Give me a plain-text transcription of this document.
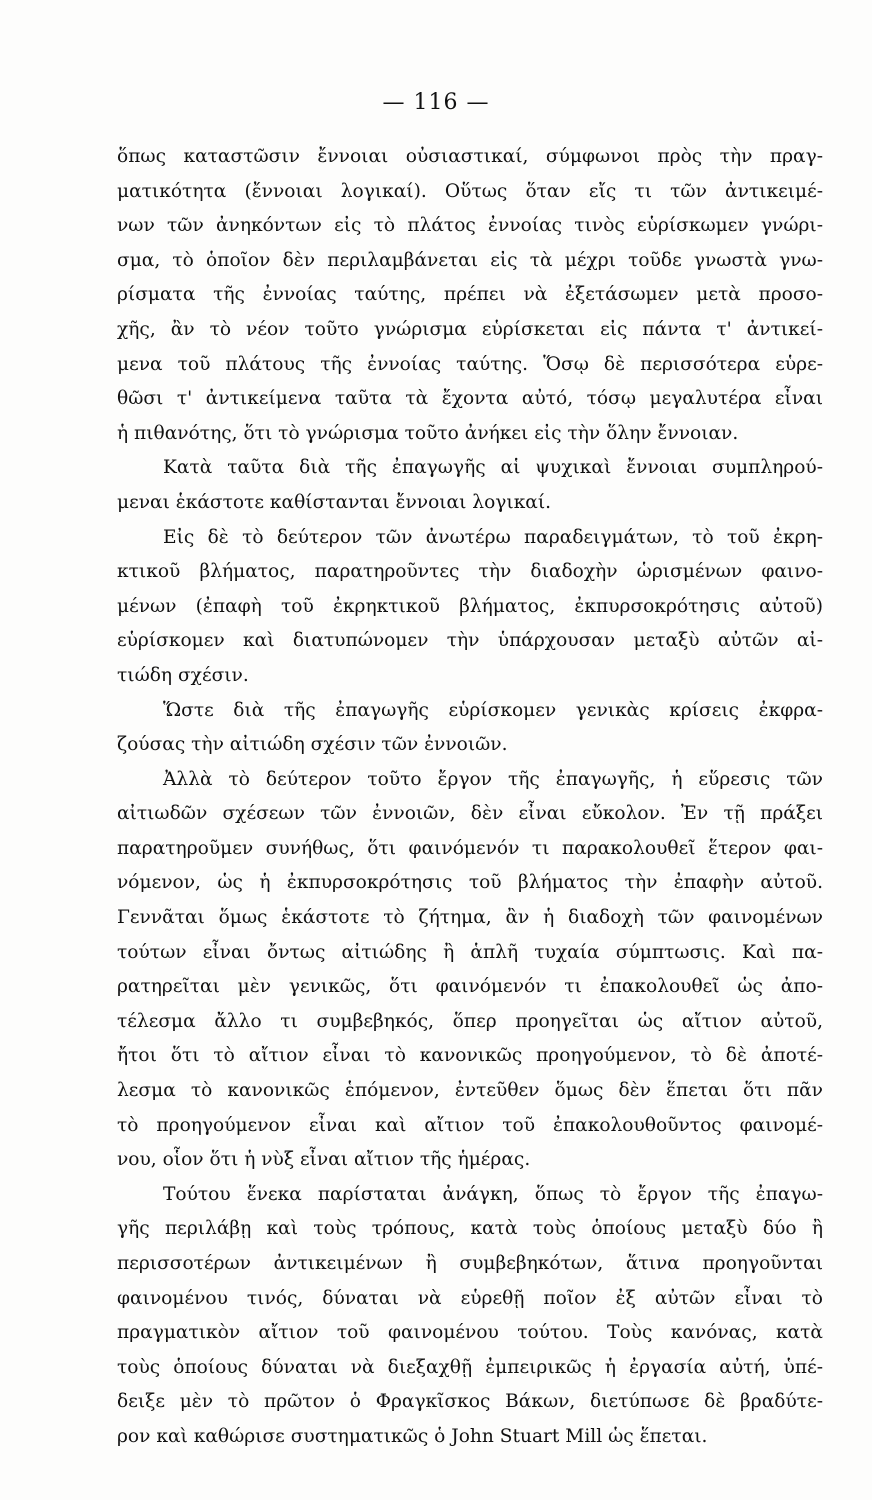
— 116 —
ὅπως καταστῶσιν ἔννοιαι οὐσιαστικαί, σύμφωνοι πρὸς τὴν πραγ-
ματικότητα (ἔννοιαι λογικαί). Οὕτως ὅταν εἴς τι τῶν ἀντικειμέ-
νων τῶν ἀνηκόντων εἰς τὸ πλάτος ἐννοίας τινὸς εὑρίσκωμεν γνώρι-
σμα, τὸ ὁποῖον δὲν περιλαμβάνεται εἰς τὰ μέχρι τοῦδε γνωστὰ γνω-
ρίσματα τῆς ἐννοίας ταύτης, πρέπει νὰ ἐξετάσωμεν μετὰ προσο-
χῆς, ἂν τὸ νέον τοῦτο γνώρισμα εὑρίσκεται εἰς πάντα τ' ἀντικεί-
μενα τοῦ πλάτους τῆς ἐννοίας ταύτης. Ὅσῳ δὲ περισσότερα εὑρε-
θῶσι τ' ἀντικείμενα ταῦτα τὰ ἔχοντα αὐτό, τόσῳ μεγαλυτέρα εἶναι
ἡ πιθανότης, ὅτι τὸ γνώρισμα τοῦτο ἀνήκει εἰς τὴν ὅλην ἔννοιαν.
Κατὰ ταῦτα διὰ τῆς ἐπαγωγῆς αἱ ψυχικαὶ ἔννοιαι συμπληρού-
μεναι ἑκάστοτε καθίστανται ἔννοιαι λογικαί.
Εἰς δὲ τὸ δεύτερον τῶν ἀνωτέρω παραδειγμάτων, τὸ τοῦ ἐκρη-
κτικοῦ βλήματος, παρατηροῦντες τὴν διαδοχὴν ὡρισμένων φαινο-
μένων (ἐπαφὴ τοῦ ἐκρηκτικοῦ βλήματος, ἐκπυρσοκρότησις αὐτοῦ)
εὑρίσκομεν καὶ διατυπώνομεν τὴν ὑπάρχουσαν μεταξὺ αὐτῶν αἰ-
τιώδη σχέσιν.
Ὥστε διὰ τῆς ἐπαγωγῆς εὑρίσκομεν γενικὰς κρίσεις ἐκφρα-
ζούσας τὴν αἰτιώδη σχέσιν τῶν ἐννοιῶν.
Ἀλλὰ τὸ δεύτερον τοῦτο ἔργον τῆς ἐπαγωγῆς, ἡ εὕρεσις τῶν
αἰτιωδῶν σχέσεων τῶν ἐννοιῶν, δὲν εἶναι εὔκολον. Ἐν τῇ πράξει
παρατηροῦμεν συνήθως, ὅτι φαινόμενόν τι παρακολουθεῖ ἕτερον φαι-
νόμενον, ὡς ἡ ἐκπυρσοκρότησις τοῦ βλήματος τὴν ἐπαφὴν αὐτοῦ.
Γεννᾶται ὅμως ἑκάστοτε τὸ ζήτημα, ἂν ἡ διαδοχὴ τῶν φαινομένων
τούτων εἶναι ὄντως αἰτιώδης ἢ ἁπλῆ τυχαία σύμπτωσις. Καὶ πα-
ρατηρεῖται μὲν γενικῶς, ὅτι φαινόμενόν τι ἐπακολουθεῖ ὡς ἀπο-
τέλεσμα ἄλλο τι συμβεβηκός, ὅπερ προηγεῖται ὡς αἴτιον αὐτοῦ,
ἤτοι ὅτι τὸ αἴτιον εἶναι τὸ κανονικῶς προηγούμενον, τὸ δὲ ἀποτέ-
λεσμα τὸ κανονικῶς ἑπόμενον, ἐντεῦθεν ὅμως δὲν ἕπεται ὅτι πᾶν
τὸ προηγούμενον εἶναι καὶ αἴτιον τοῦ ἐπακολουθοῦντος φαινομέ-
νου, οἷον ὅτι ἡ νὺξ εἶναι αἴτιον τῆς ἡμέρας.
Τούτου ἕνεκα παρίσταται ἀνάγκη, ὅπως τὸ ἔργον τῆς ἐπαγω-
γῆς περιλάβῃ καὶ τοὺς τρόπους, κατὰ τοὺς ὁποίους μεταξὺ δύο ἢ
περισσοτέρων ἀντικειμένων ἢ συμβεβηκότων, ἅτινα προηγοῦνται
φαινομένου τινός, δύναται νὰ εὑρεθῇ ποῖον ἐξ αὐτῶν εἶναι τὸ
πραγματικὸν αἴτιον τοῦ φαινομένου τούτου. Τοὺς κανόνας, κατὰ
τοὺς ὁποίους δύναται νὰ διεξαχθῇ ἐμπειρικῶς ἡ ἐργασία αὐτή, ὑπέ-
δειξε μὲν τὸ πρῶτον ὁ Φραγκῖσκος Βάκων, διετύπωσε δὲ βραδύτε-
ρον καὶ καθώρισε συστηματικῶς ὁ John Stuart Mill ὡς ἕπεται.
